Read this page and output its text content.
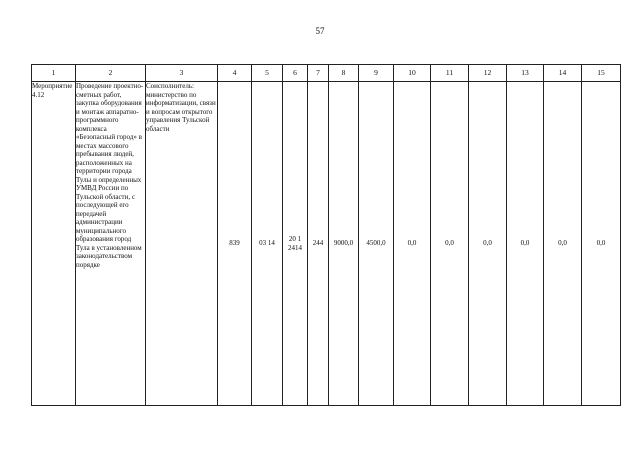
57
1	2	3	4	5	6	7	8	9	10	11	12	13	14	15
Мероприятие 4.12	Проведение проектно-сметных работ, закупка оборудования и монтаж аппаратно-программного комплекса «Безопасный город» в местах массового пребывания людей, расположенных на территории города Тулы и определенных УМВД России по Тульской области, с последующей его передачей администрации муниципального образования город Тула в установленном законодательством порядке	Соисполнитель: министерство по информатизации, связи и вопросам открытого управления Тульской области	839	03 14	20 1 2414	244	9000,0	4500,0	0,0	0,0	0,0	0,0	0,0	0,0
